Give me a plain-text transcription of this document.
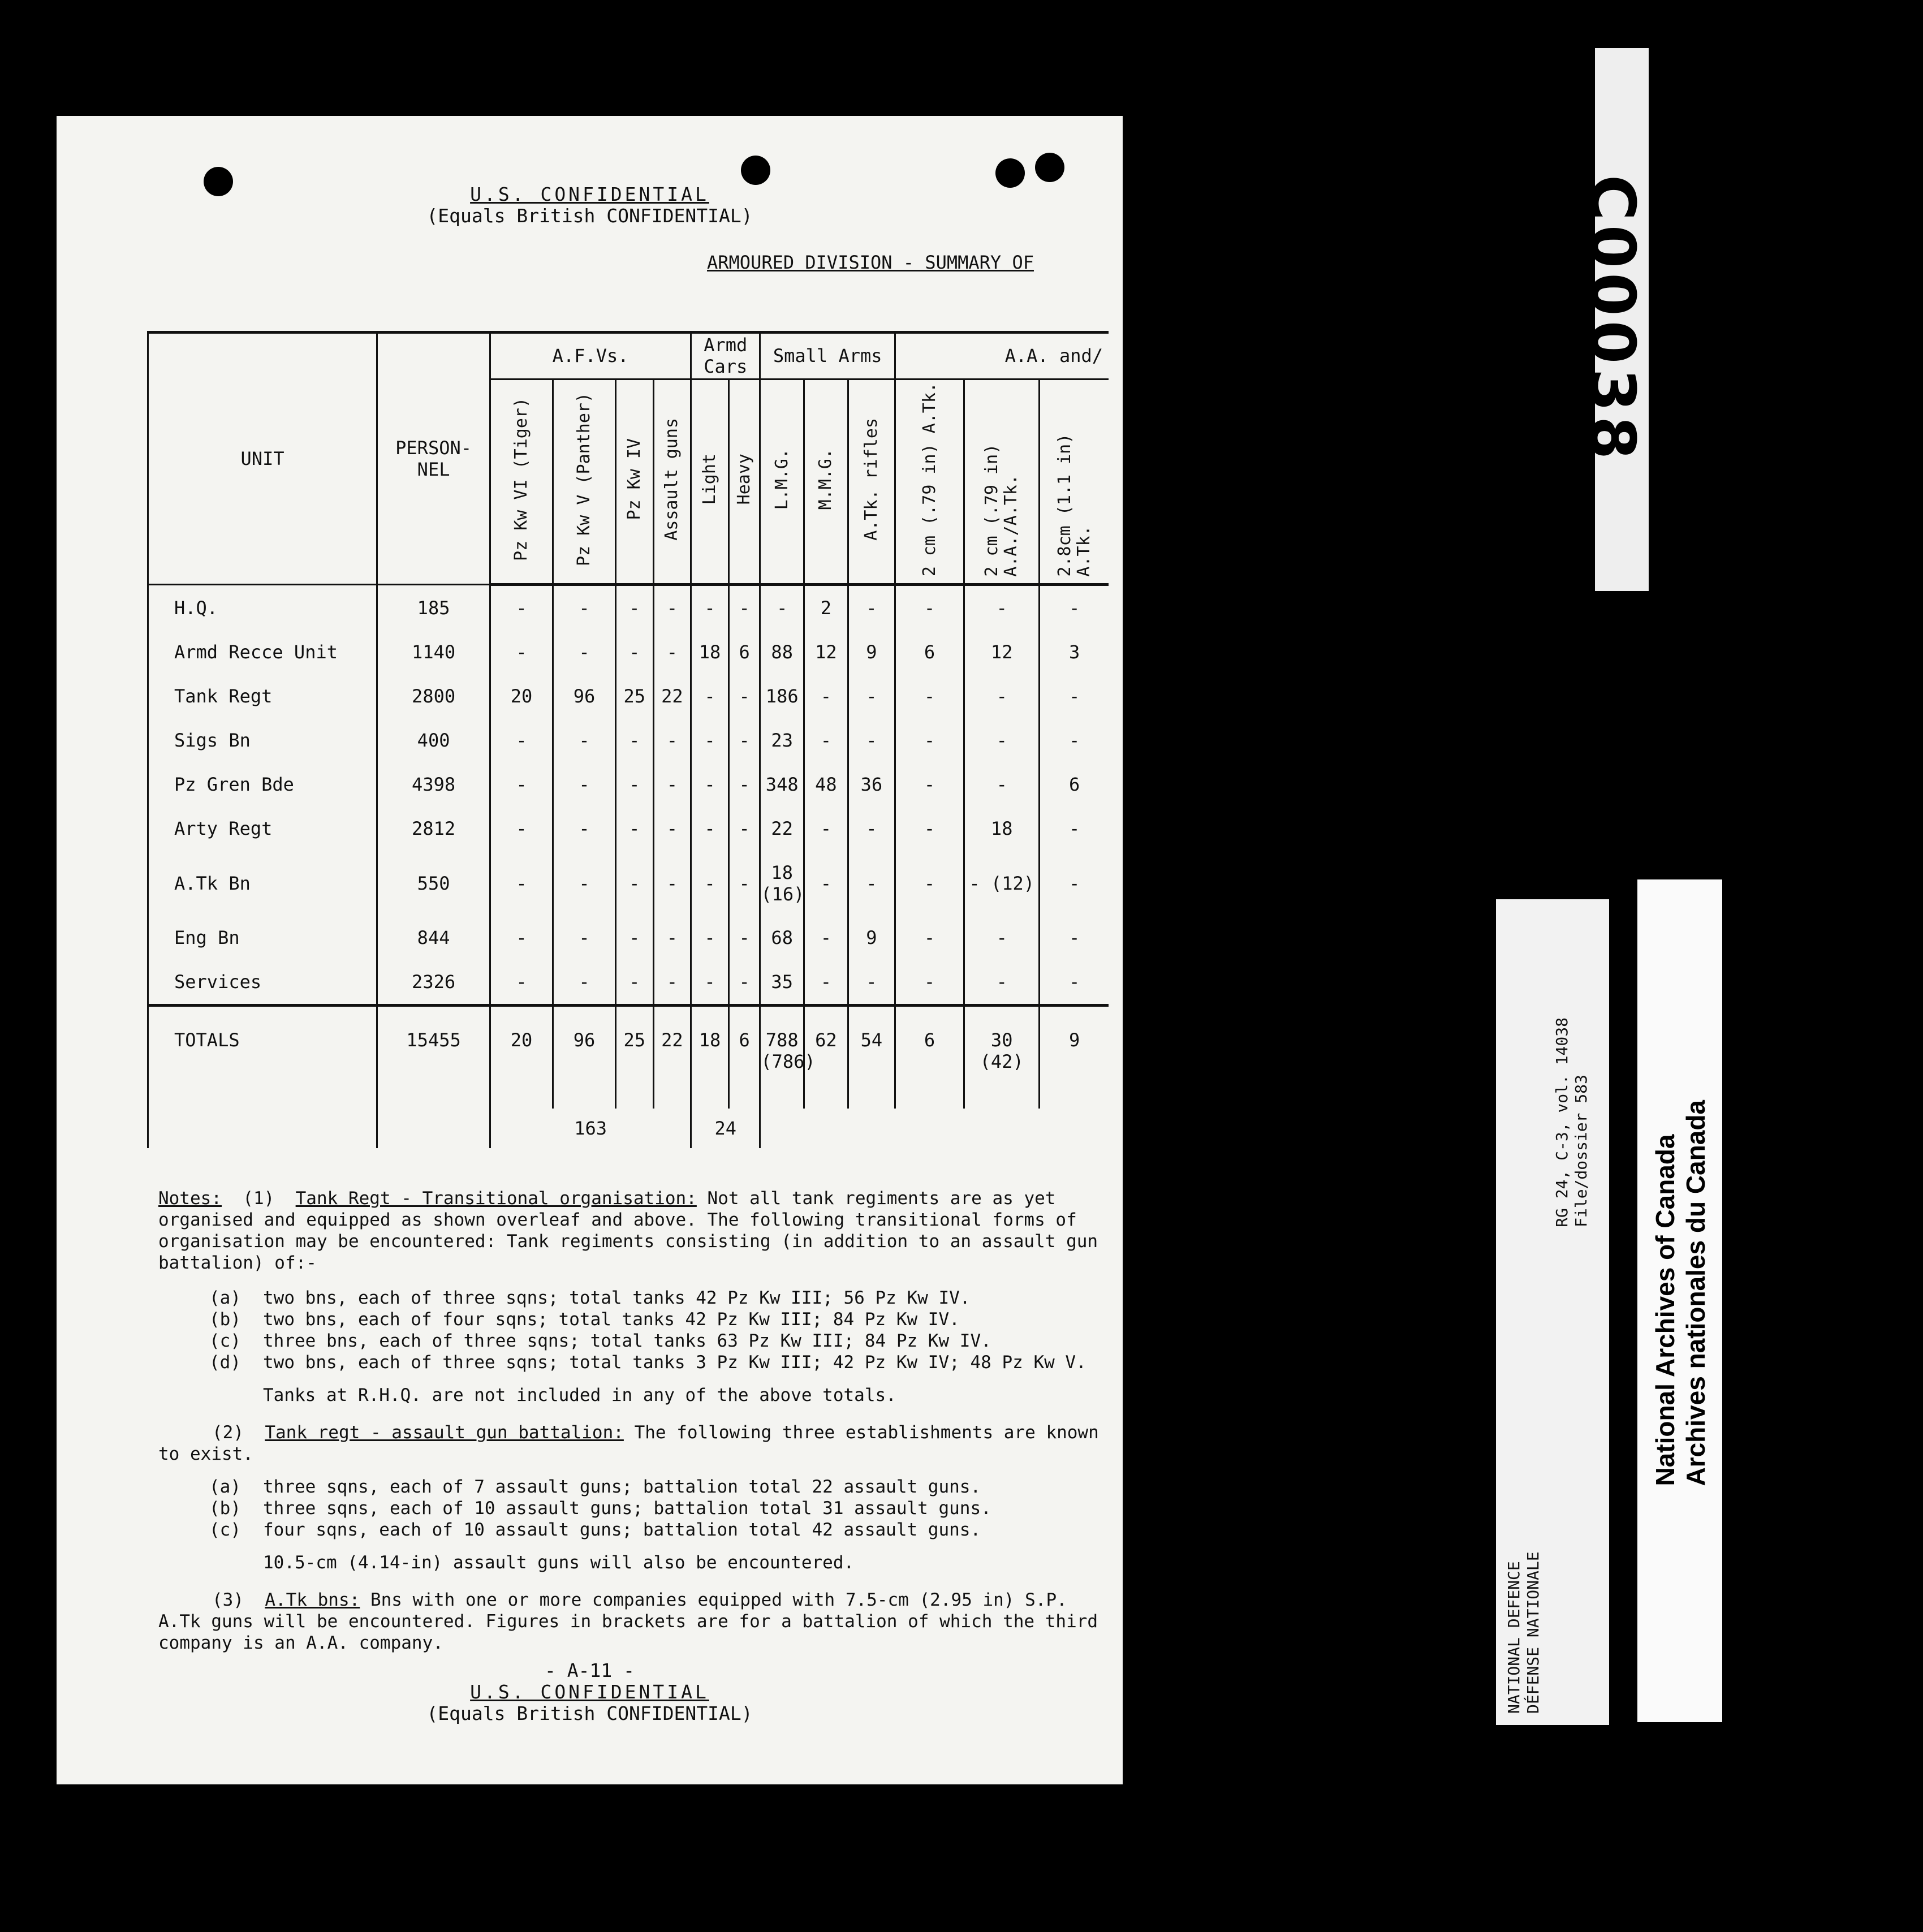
U.S. CONFIDENTIAL
(Equals British CONFIDENTIAL)
ARMOURED DIVISION - SUMMARY OF
UNIT	PERSON-NEL	A.F.Vs.				Armd Cars		Small Arms			A.A. and/		
		Pz Kw VI (Tiger)	Pz Kw V (Panther)	Pz Kw IV	Assault guns	Light	Heavy	L.M.G.	M.M.G.	A.Tk. rifles	2 cm (.79 in) A.Tk.	2 cm (.79 in) A.A./A.Tk.	2.8cm (1.1 in) A.Tk.
H.Q.	185	-	-	-	-	-	-	-	2	-	-	-	-
Armd Recce Unit	1140	-	-	-	-	18	6	88	12	9	6	12	3
Tank Regt	2800	20	96	25	22	-	-	186	-	-	-	-	-
Sigs Bn	400	-	-	-	-	-	-	23	-	-	-	-	-
Pz Gren Bde	4398	-	-	-	-	-	-	348	48	36	-	-	6
Arty Regt	2812	-	-	-	-	-	-	22	-	-	-	18	-
A.Tk Bn	550	-	-	-	-	-	-	18 (16)	-	-	-	- (12)	-
Eng Bn	844	-	-	-	-	-	-	68	-	9	-	-	-
Services	2326	-	-	-	-	-	-	35	-	-	-	-	-
TOTALS	15455	20	96	25	22	18	6	788 (786)	62	54	6	30 (42)	9
		163				24							

Notes: (1) Tank Regt - Transitional organisation: Not all tank regiments are as yet organised and equipped as shown overleaf and above. The following transitional forms of organisation may be encountered: Tank regiments consisting (in addition to an assault gun battalion) of:-

(a)	two bns, each of three sqns; total tanks 42 Pz Kw III; 56 Pz Kw IV.
(b)	two bns, each of four sqns; total tanks 42 Pz Kw III; 84 Pz Kw IV.
(c)	three bns, each of three sqns; total tanks 63 Pz Kw III; 84 Pz Kw IV.
(d)	two bns, each of three sqns; total tanks 3 Pz Kw III; 42 Pz Kw IV; 48 Pz Kw V.

Tanks at R.H.Q. are not included in any of the above totals.

(2) Tank regt - assault gun battalion: The following three establishments are known to exist.

(a)	three sqns, each of 7 assault guns; battalion total 22 assault guns.
(b)	three sqns, each of 10 assault guns; battalion total 31 assault guns.
(c)	four sqns, each of 10 assault guns; battalion total 42 assault guns.

10.5-cm (4.14-in) assault guns will also be encountered.

(3) A.Tk bns: Bns with one or more companies equipped with 7.5-cm (2.95 in) S.P. A.Tk guns will be encountered. Figures in brackets are for a battalion of which the third company is an A.A. company.

- A-11 -
U.S. CONFIDENTIAL
(Equals British CONFIDENTIAL)
C00038
NATIONAL DEFENCE DÉFENSE NATIONALE
RG 24, C-3, vol. 14038 File/dossier 583 National Archives of Canada Archives nationales du Canada
